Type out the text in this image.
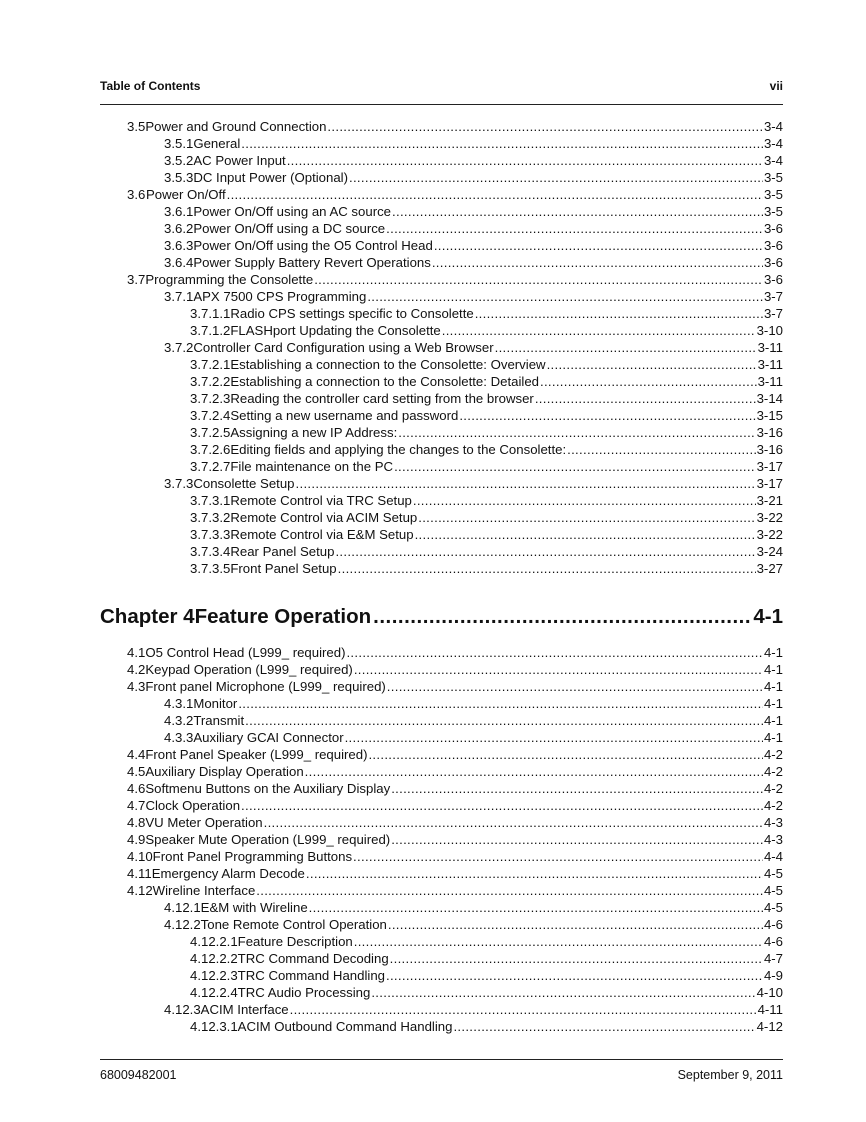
Table of Contents	vii
3.5 Power and Ground Connection .....	3-4
3.5.1 General .....	3-4
3.5.2 AC Power Input .....	3-4
3.5.3 DC Input Power (Optional) .....	3-5
3.6 Power On/Off .....	3-5
3.6.1 Power On/Off using an AC source .....	3-5
3.6.2 Power On/Off using a DC source .....	3-6
3.6.3 Power On/Off using the O5 Control Head .....	3-6
3.6.4 Power Supply Battery Revert Operations .....	3-6
3.7 Programming the Consolette .....	3-6
3.7.1 APX 7500 CPS Programming .....	3-7
3.7.1.1 Radio CPS settings specific to Consolette .....	3-7
3.7.1.2 FLASHport Updating the Consolette .....	3-10
3.7.2 Controller Card Configuration using a Web Browser .....	3-11
3.7.2.1 Establishing a connection to the Consolette: Overview .....	3-11
3.7.2.2 Establishing a connection to the Consolette: Detailed .....	3-11
3.7.2.3 Reading the controller card setting from the browser .....	3-14
3.7.2.4 Setting a new username and password .....	3-15
3.7.2.5 Assigning a new IP Address: .....	3-16
3.7.2.6 Editing fields and applying the changes to the Consolette: .....	3-16
3.7.2.7 File maintenance on the PC .....	3-17
3.7.3 Consolette Setup .....	3-17
3.7.3.1 Remote Control via TRC Setup .....	3-21
3.7.3.2 Remote Control via ACIM Setup .....	3-22
3.7.3.3 Remote Control via E&M Setup .....	3-22
3.7.3.4 Rear Panel Setup .....	3-24
3.7.3.5 Front Panel Setup .....	3-27
Chapter 4 Feature Operation .....	4-1
4.1 O5 Control Head (L999_ required) .....	4-1
4.2 Keypad Operation (L999_ required) .....	4-1
4.3 Front panel Microphone (L999_ required) .....	4-1
4.3.1 Monitor .....	4-1
4.3.2 Transmit .....	4-1
4.3.3 Auxiliary GCAI Connector .....	4-1
4.4 Front Panel Speaker (L999_ required) .....	4-2
4.5 Auxiliary Display Operation .....	4-2
4.6 Softmenu Buttons on the Auxiliary Display .....	4-2
4.7 Clock Operation .....	4-2
4.8 VU Meter Operation .....	4-3
4.9 Speaker Mute Operation (L999_ required) .....	4-3
4.10 Front Panel Programming Buttons .....	4-4
4.11 Emergency Alarm Decode .....	4-5
4.12 Wireline Interface .....	4-5
4.12.1 E&M with Wireline .....	4-5
4.12.2 Tone Remote Control Operation .....	4-6
4.12.2.1 Feature Description .....	4-6
4.12.2.2 TRC Command Decoding .....	4-7
4.12.2.3 TRC Command Handling .....	4-9
4.12.2.4 TRC Audio Processing .....	4-10
4.12.3 ACIM Interface .....	4-11
4.12.3.1 ACIM Outbound Command Handling .....	4-12
68009482001	September 9, 2011
